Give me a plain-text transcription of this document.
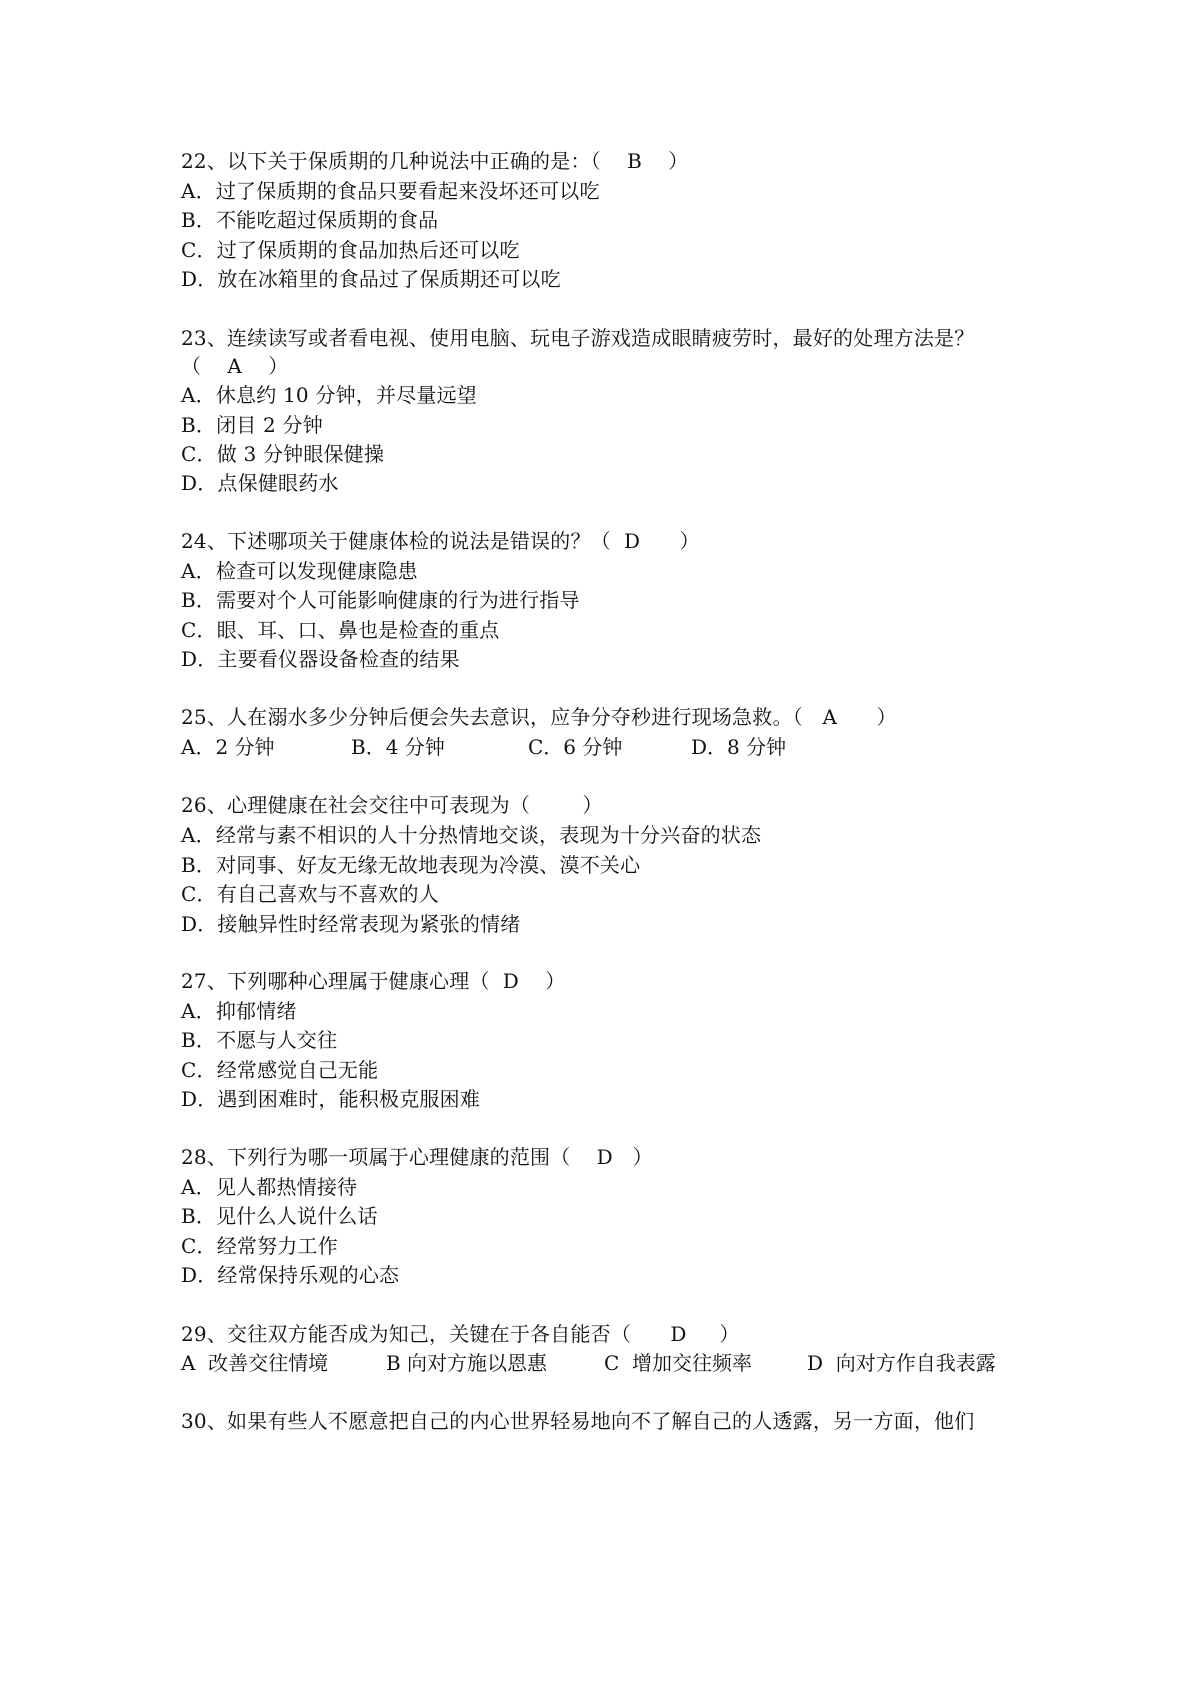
22、以下关于保质期的几种说法中正确的是：（    B    ）
A．过了保质期的食品只要看起来没坏还可以吃
B．不能吃超过保质期的食品
C．过了保质期的食品加热后还可以吃
D．放在冰箱里的食品过了保质期还可以吃
23、连续读写或者看电视、使用电脑、玩电子游戏造成眼睛疲劳时，最好的处理方法是？
（    A    ）
A．休息约 10 分钟，并尽量远望
B．闭目 2 分钟
C．做 3 分钟眼保健操
D．点保健眼药水
24、下述哪项关于健康体检的说法是错误的？（  D      ）
A．检查可以发现健康隐患
B．需要对个人可能影响健康的行为进行指导
C．眼、耳、口、鼻也是检查的重点
D．主要看仪器设备检查的结果
25、人在溺水多少分钟后便会失去意识，应争分夺秒进行现场急救。（   A      ）
A．2 分钟	B．4 分钟	C．6 分钟	D．8 分钟
26、心理健康在社会交往中可表现为（        ）
A．经常与素不相识的人十分热情地交谈，表现为十分兴奋的状态
B．对同事、好友无缘无故地表现为冷漠、漠不关心
C．有自己喜欢与不喜欢的人
D．接触异性时经常表现为紧张的情绪
27、下列哪种心理属于健康心理（  D    ）
A．抑郁情绪
B．不愿与人交往
C．经常感觉自己无能
D．遇到困难时，能积极克服困难
28、下列行为哪一项属于心理健康的范围（    D   ）
A．见人都热情接待
B．见什么人说什么话
C．经常努力工作
D．经常保持乐观的心态
29、交往双方能否成为知己，关键在于各自能否（      D     ）
A  改善交往情境	B 向对方施以恩惠	C  增加交往频率	D  向对方作自我表露
30、如果有些人不愿意把自己的内心世界轻易地向不了解自己的人透露，另一方面，他们
